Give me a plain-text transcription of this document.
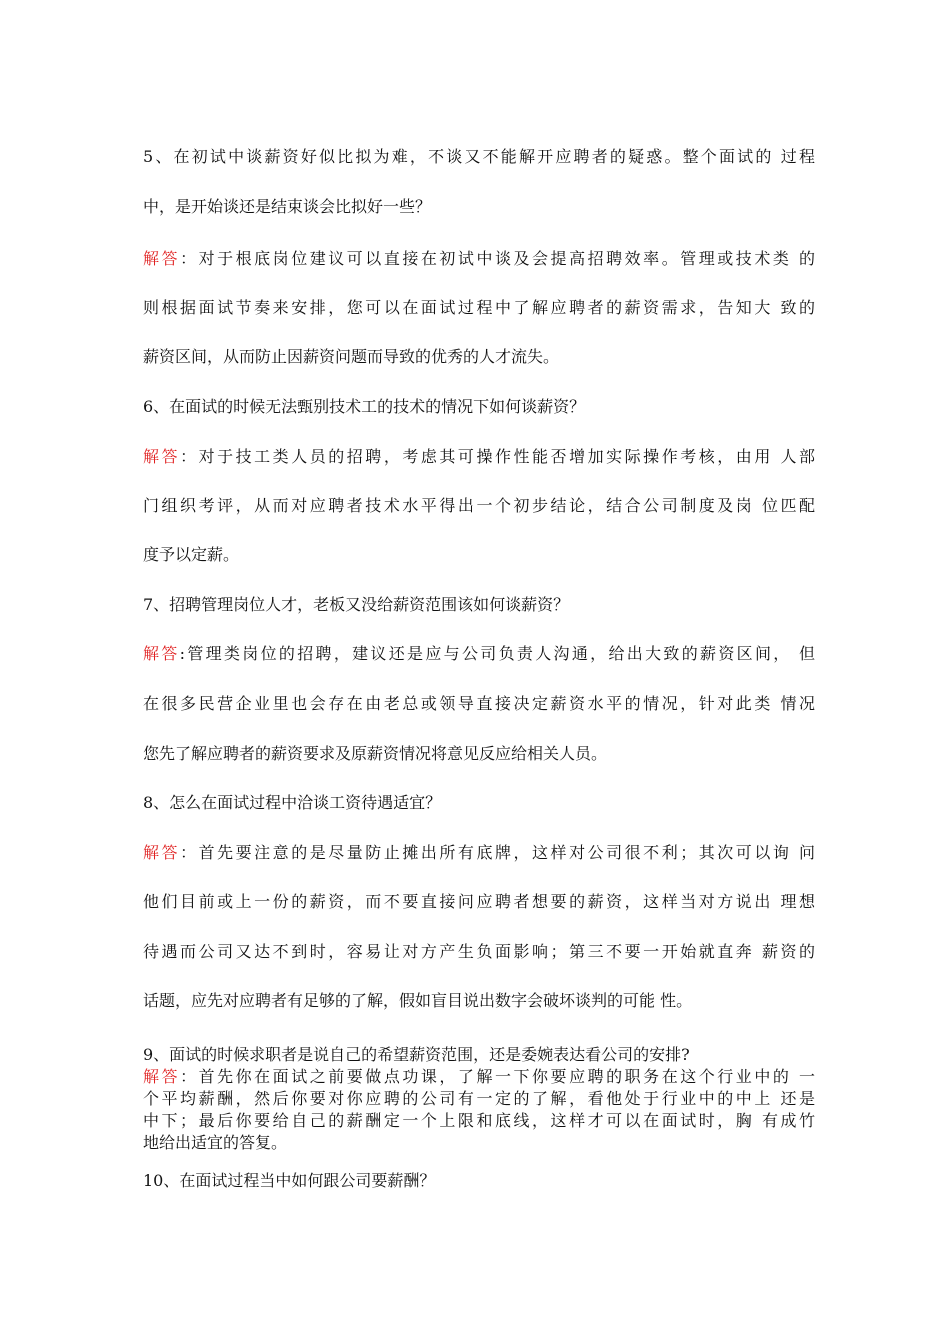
5、在初试中谈薪资好似比拟为难，不谈又不能解开应聘者的疑惑。整个面试的 过程
中，是开始谈还是结束谈会比拟好一些？
解答：对于根底岗位建议可以直接在初试中谈及会提高招聘效率。管理或技术类 的
则根据面试节奏来安排，您可以在面试过程中了解应聘者的薪资需求，告知大 致的
薪资区间，从而防止因薪资问题而导致的优秀的人才流失。
6、在面试的时候无法甄别技术工的技术的情况下如何谈薪资？
解答：对于技工类人员的招聘，考虑其可操作性能否增加实际操作考核，由用 人部
门组织考评，从而对应聘者技术水平得出一个初步结论，结合公司制度及岗 位匹配
度予以定薪。
7、招聘管理岗位人才，老板又没给薪资范围该如何谈薪资？
解答:管理类岗位的招聘，建议还是应与公司负责人沟通，给出大致的薪资区间， 但
在很多民营企业里也会存在由老总或领导直接决定薪资水平的情况，针对此类 情况
您先了解应聘者的薪资要求及原薪资情况将意见反应给相关人员。
8、怎么在面试过程中洽谈工资待遇适宜？
解答：首先要注意的是尽量防止摊出所有底牌，这样对公司很不利；其次可以询 问
他们目前或上一份的薪资，而不要直接问应聘者想要的薪资，这样当对方说出 理想
待遇而公司又达不到时，容易让对方产生负面影响；第三不要一开始就直奔 薪资的
话题，应先对应聘者有足够的了解，假如盲目说出数字会破坏谈判的可能 性。
9、面试的时候求职者是说自己的希望薪资范围，还是委婉表达看公司的安排?
解答：首先你在面试之前要做点功课，了解一下你要应聘的职务在这个行业中的 一
个平均薪酬，然后你要对你应聘的公司有一定的了解，看他处于行业中的中上 还是
中下；最后你要给自己的薪酬定一个上限和底线，这样才可以在面试时，胸 有成竹
地给出适宜的答复。
10、在面试过程当中如何跟公司要薪酬？
